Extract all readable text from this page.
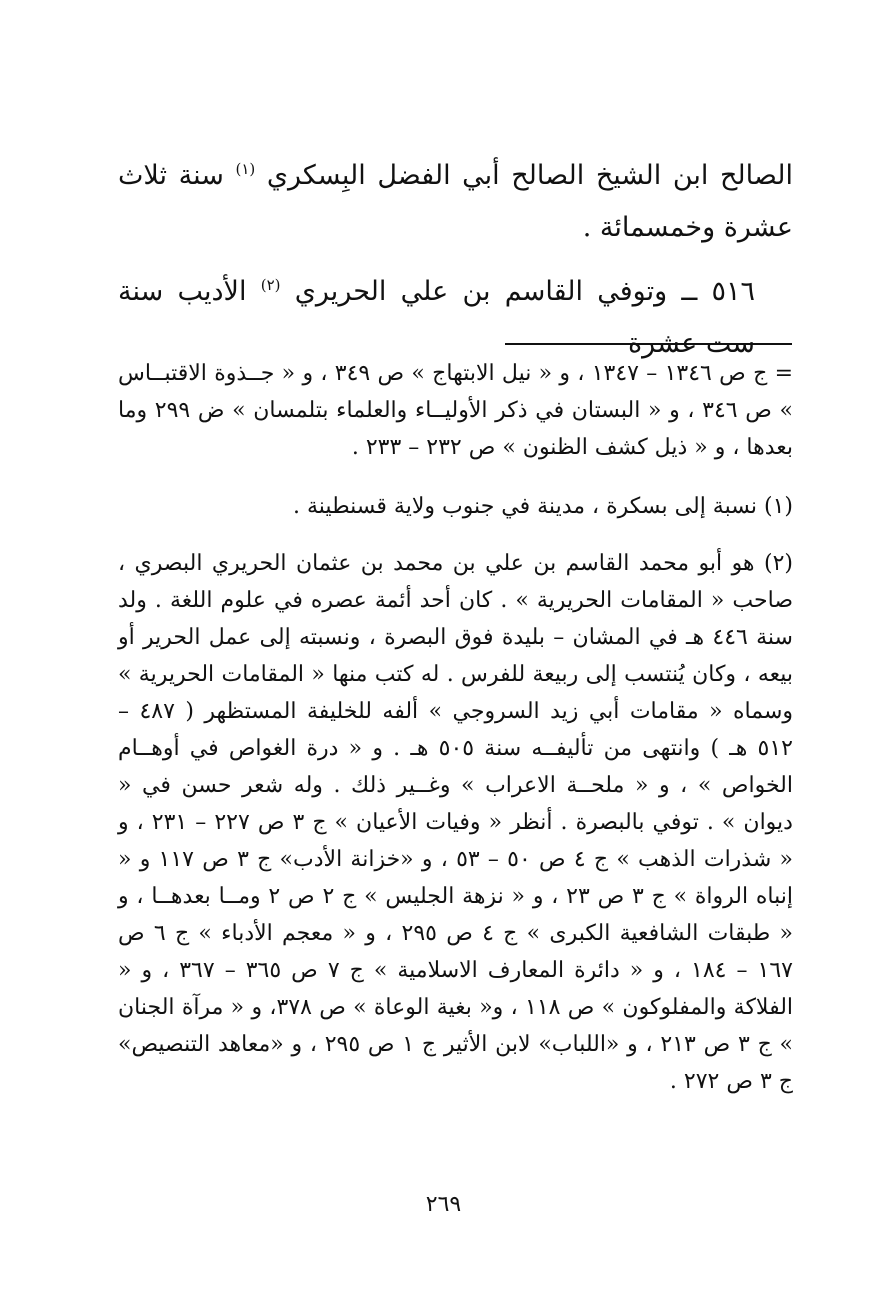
الصالح ابن الشيخ الصالح أبي الفضل البِسكري $^{(١)}$ سنة ثلاث عشرة وخمسمائة .

٥١٦ ــ وتوفي القاسم بن علي الحريري $^{(٢)}$ الأديب سنة ست عشرة

= ج ص ١٣٤٦ – ١٣٤٧ ، و « نيل الابتهاج » ص ٣٤٩ ، و « جــذوة الاقتبــاس » ص ٣٤٦ ، و « البستان في ذكر الأوليــاء والعلماء بتلمسان » ض ٢٩٩ وما بعدها ، و « ذيل كشف الظنون » ص ٢٣٢ – ٢٣٣ .

(١) نسبة إلى بسكرة ، مدينة في جنوب ولاية قسنطينة .

(٢) هو أبو محمد القاسم بن علي بن محمد بن عثمان الحريري البصري ، صاحب « المقامات الحريرية » . كان أحد أئمة عصره في علوم اللغة . ولد سنة ٤٤٦ هـ في المشان – بليدة فوق البصرة ، ونسبته إلى عمل الحرير أو بيعه ، وكان يُنتسب إلى ربيعة للفرس . له كتب منها « المقامات الحريرية » وسماه « مقامات أبي زيد السروجي » ألفه للخليفة المستظهر ( ٤٨٧ – ٥١٢ هـ ) وانتهى من تأليفــه سنة ٥٠٥ هـ . و « درة الغواص في أوهــام الخواص » ، و « ملحــة الاعراب » وغــير ذلك . وله شعر حسن في « ديوان » . توفي بالبصرة . أنظر « وفيات الأعيان » ج ٣ ص ٢٢٧ – ٢٣١ ، و « شذرات الذهب » ج ٤ ص ٥٠ – ٥٣ ، و «خزانة الأدب» ج ٣ ص ١١٧ و « إنباه الرواة » ج ٣ ص ٢٣ ، و « نزهة الجليس » ج ٢ ص ٢ ومــا بعدهــا ، و « طبقات الشافعية الكبرى » ج ٤ ص ٢٩٥ ، و « معجم الأدباء » ج ٦ ص ١٦٧ – ١٨٤ ، و « دائرة المعارف الاسلامية » ج ٧ ص ٣٦٥ – ٣٦٧ ، و « الفلاكة والمفلوكون » ص ١١٨ ، و« بغية الوعاة » ص ٣٧٨، و « مرآة الجنان » ج ٣ ص ٢١٣ ، و «اللباب» لابن الأثير ج ١ ص ٢٩٥ ، و «معاهد التنصيص» ج ٣ ص ٢٧٢ .

٢٦٩
